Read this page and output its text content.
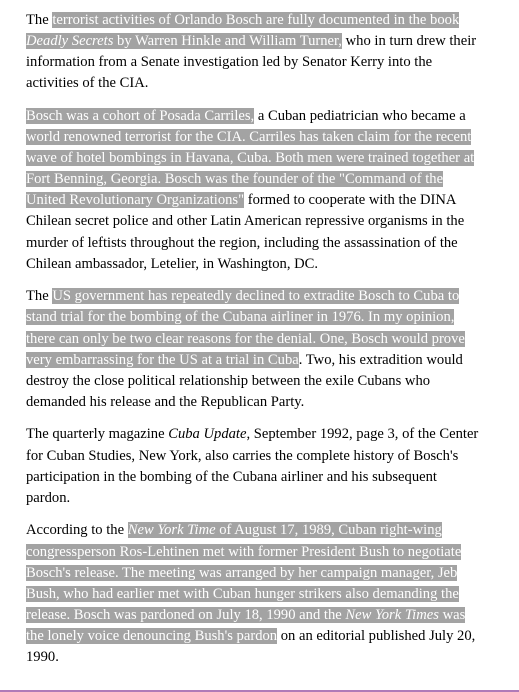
The terrorist activities of Orlando Bosch are fully documented in the book
Deadly Secrets by Warren Hinkle and William Turner, who in turn drew their
information from a Senate investigation led by Senator Kerry into the
activities of the CIA.

Bosch was a cohort of Posada Carriles, a Cuban pediatrician who became a
world renowned terrorist for the CIA. Carriles has taken claim for the recent
wave of hotel bombings in Havana, Cuba. Both men were trained together at
Fort Benning, Georgia. Bosch was the founder of the "Command of the
United Revolutionary Organizations" formed to cooperate with the DINA
Chilean secret police and other Latin American repressive organisms in the
murder of leftists throughout the region, including the assassination of the
Chilean ambassador, Letelier, in Washington, DC.

The US government has repeatedly declined to extradite Bosch to Cuba to
stand trial for the bombing of the Cubana airliner in 1976. In my opinion,
there can only be two clear reasons for the denial. One, Bosch would prove
very embarrassing for the US at a trial in Cuba. Two, his extradition would
destroy the close political relationship between the exile Cubans who
demanded his release and the Republican Party.

The quarterly magazine Cuba Update, September 1992, page 3, of the Center
for Cuban Studies, New York, also carries the complete history of Bosch's
participation in the bombing of the Cubana airliner and his subsequent
pardon.

According to the New York Time of August 17, 1989, Cuban right-wing
congressperson Ros-Lehtinen met with former President Bush to negotiate
Bosch's release. The meeting was arranged by her campaign manager, Jeb
Bush, who had earlier met with Cuban hunger strikers also demanding the
release. Bosch was pardoned on July 18, 1990 and the New York Times was
the lonely voice denouncing Bush's pardon on an editorial published July 20,
1990.
